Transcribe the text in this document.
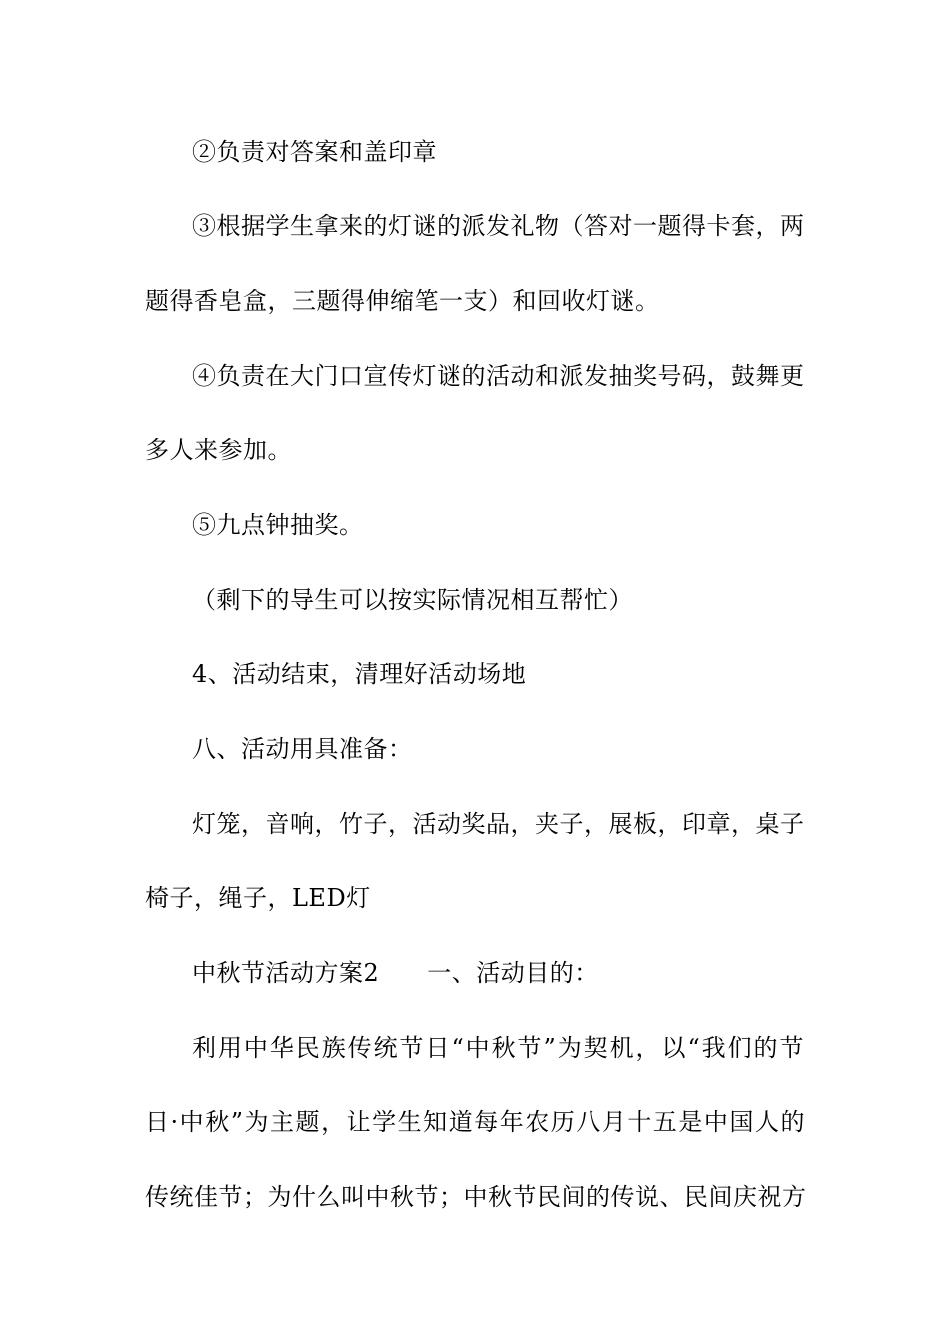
②负责对答案和盖印章
③根据学生拿来的灯谜的派发礼物（答对一题得卡套，两
题得香皂盒，三题得伸缩笔一支）和回收灯谜。
④负责在大门口宣传灯谜的活动和派发抽奖号码，鼓舞更
多人来参加。
⑤九点钟抽奖。
（剩下的导生可以按实际情况相互帮忙）
4、活动结束，清理好活动场地
八、活动用具准备：
灯笼，音响，竹子，活动奖品，夹子，展板，印章，桌子
椅子，绳子，LED灯
中秋节活动方案2 一、活动目的：
利用中华民族传统节日“中秋节”为契机，以“我们的节
日·中秋”为主题，让学生知道每年农历八月十五是中国人的
传统佳节；为什么叫中秋节；中秋节民间的传说、民间庆祝方
